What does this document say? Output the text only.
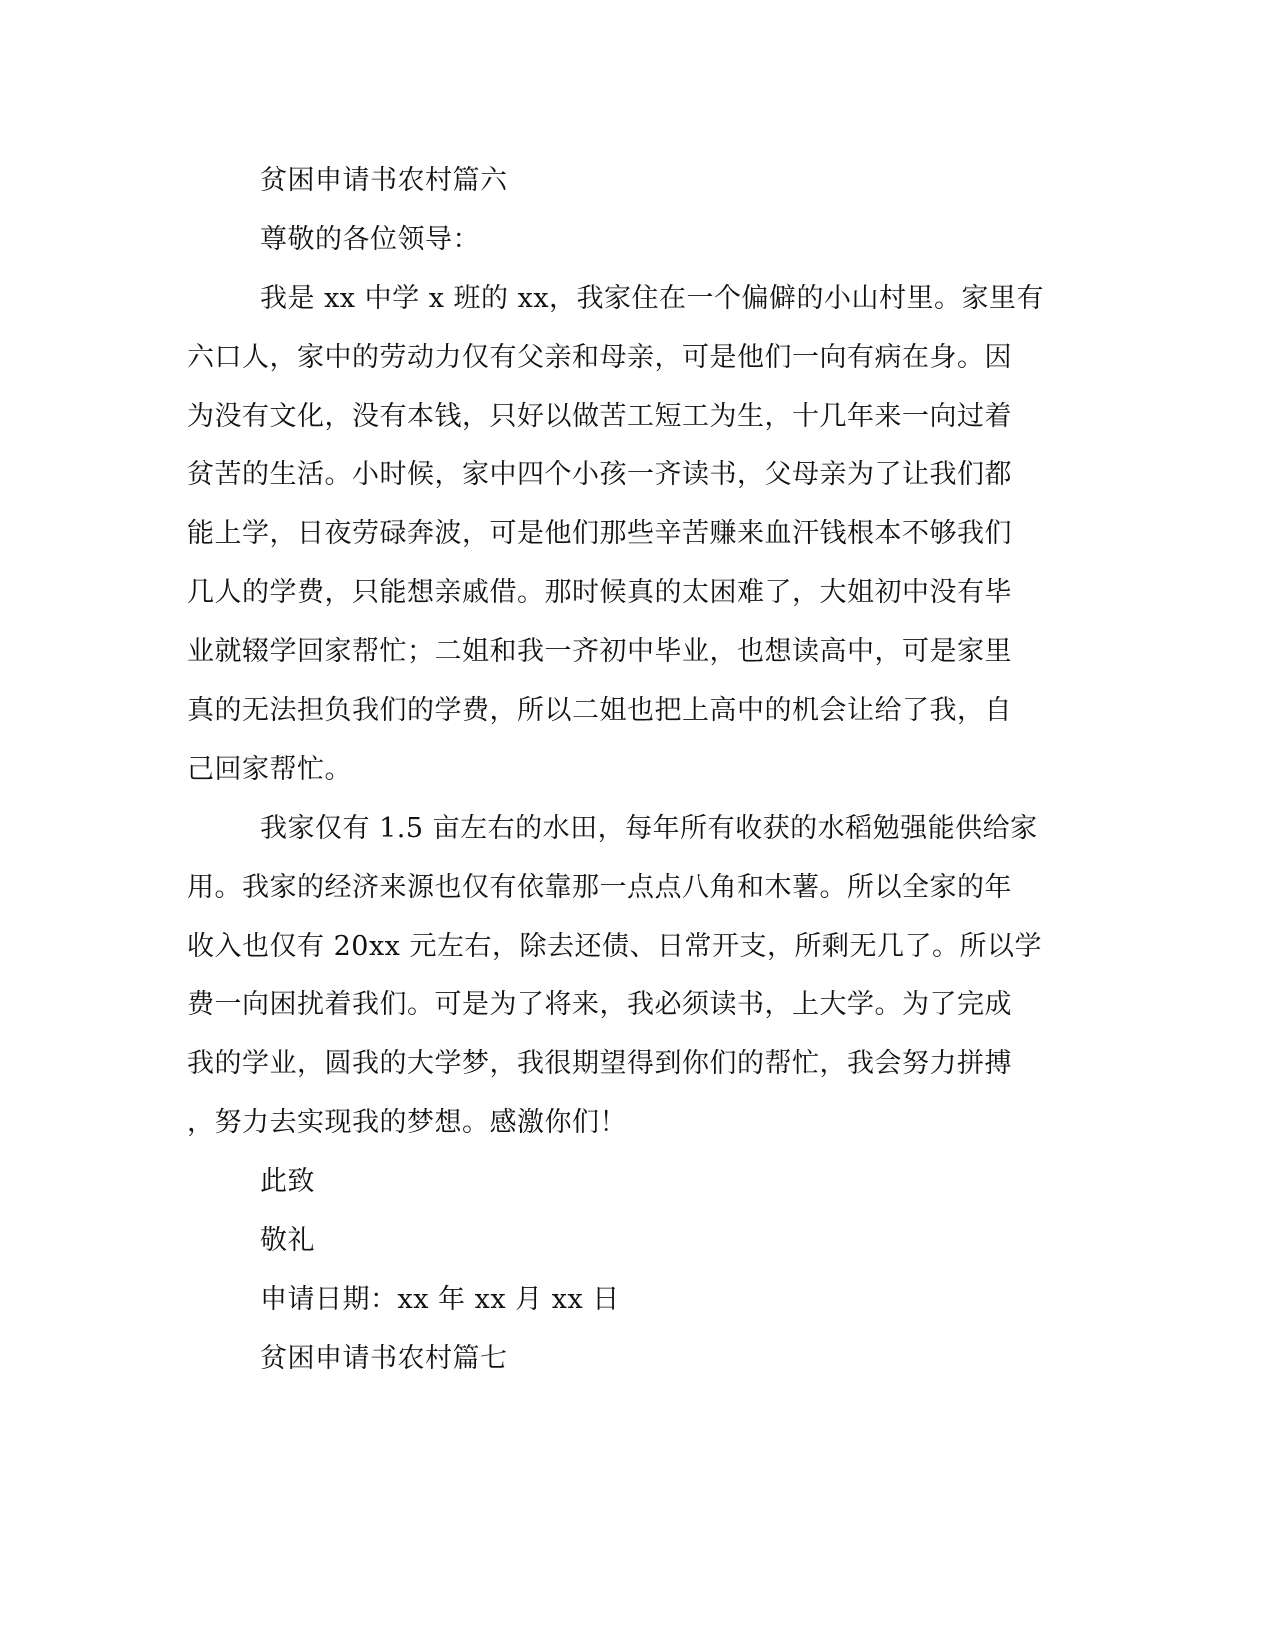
贫困申请书农村篇六
尊敬的各位领导：
我是 xx 中学 x 班的 xx，我家住在一个偏僻的小山村里。家里有
六口人，家中的劳动力仅有父亲和母亲，可是他们一向有病在身。因
为没有文化，没有本钱，只好以做苦工短工为生，十几年来一向过着
贫苦的生活。小时候，家中四个小孩一齐读书，父母亲为了让我们都
能上学，日夜劳碌奔波，可是他们那些辛苦赚来血汗钱根本不够我们
几人的学费，只能想亲戚借。那时候真的太困难了，大姐初中没有毕
业就辍学回家帮忙；二姐和我一齐初中毕业，也想读高中，可是家里
真的无法担负我们的学费，所以二姐也把上高中的机会让给了我，自
己回家帮忙。
我家仅有 1.5 亩左右的水田，每年所有收获的水稻勉强能供给家
用。我家的经济来源也仅有依靠那一点点八角和木薯。所以全家的年
收入也仅有 20xx 元左右，除去还债、日常开支，所剩无几了。所以学
费一向困扰着我们。可是为了将来，我必须读书，上大学。为了完成
我的学业，圆我的大学梦，我很期望得到你们的帮忙，我会努力拼搏
，努力去实现我的梦想。感激你们！
此致
敬礼
申请日期：xx 年 xx 月 xx 日
贫困申请书农村篇七
